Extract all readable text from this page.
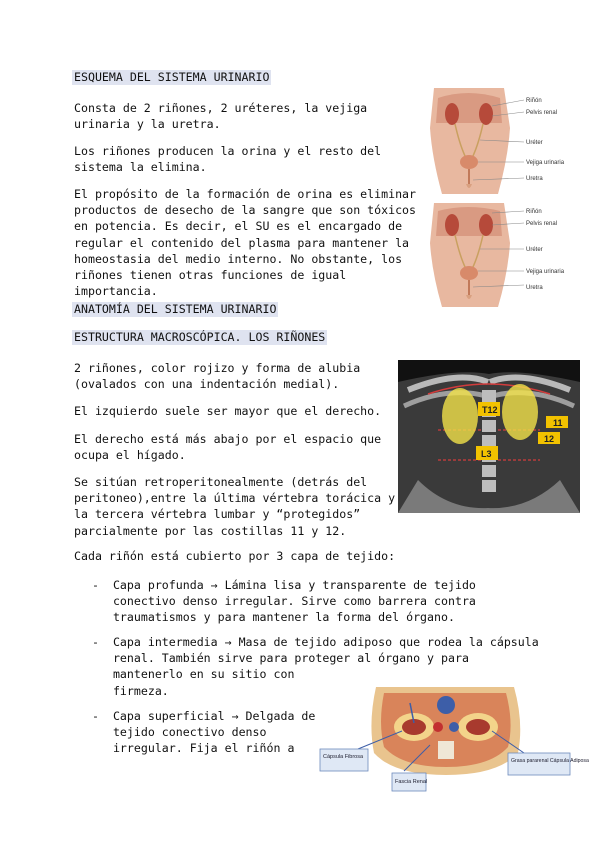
ESQUEMA DEL SISTEMA URINARIO
ANATOMÍA DEL SISTEMA URINARIO
ESTRUCTURA MACROSCÓPICA. LOS RIÑONES
Consta de 2 riñones, 2 uréteres, la vejiga
urinaria y la uretra.
Los riñones producen la orina y el resto del
sistema la elimina.
El propósito de la formación de orina es eliminar
productos de desecho de la sangre que son tóxicos
en potencia. Es decir, el SU es el encargado de
regular el contenido del plasma para mantener la
homeostasia del medio interno. No obstante, los
riñones tienen otras funciones de igual
importancia.
2 riñones, color rojizo y forma de alubia
(ovalados con una indentación medial).
El izquierdo suele ser mayor que el derecho.
El derecho está más abajo por el espacio que
ocupa el hígado.
Se sitúan retroperitonealmente (detrás del
peritoneo),entre la última vértebra torácica y
la tercera vértebra lumbar y “protegidos”
parcialmente por las costillas 11 y 12.
Cada riñón está cubierto por 3 capa de tejido:
-  Capa profunda → Lámina lisa y transparente de tejido
conectivo denso irregular. Sirve como barrera contra
traumatismos y para mantener la forma del órgano.
-  Capa intermedia → Masa de tejido adiposo que rodea la cápsula
renal. También sirve para proteger al órgano y para
mantenerlo en su sitio con
firmeza.
-  Capa superficial → Delgada de
tejido conectivo denso
irregular. Fija el riñón a
Riñón
Pelvis renal
Uréter
Vejiga urinaria
Uretra
Riñón
Pelvis renal
Uréter
Vejiga urinaria
Uretra
T12
11
12
L3
Cápsula Fibrosa
Fascia Renal
Grasa pararenal Cápsula Adiposa
